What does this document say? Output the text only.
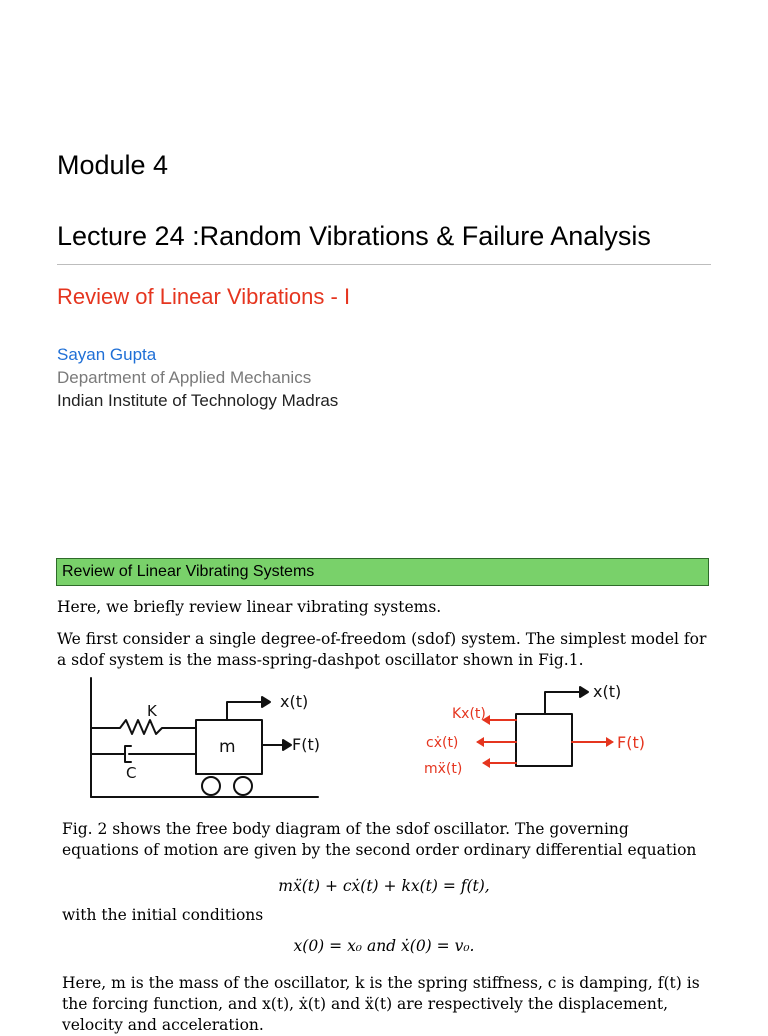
Module 4
Lecture 24 :Random Vibrations & Failure Analysis
Review of Linear Vibrations - I
Sayan Gupta
Department of Applied Mechanics
Indian Institute of Technology Madras
Review of Linear Vibrating Systems
Here, we briefly review linear vibrating systems.
We first consider a single degree-of-freedom (sdof) system. The simplest model for a sdof system is the mass-spring-dashpot oscillator shown in Fig.1.
K
C
m
x(t)
F(t)
x(t)
F(t)
Kx(t)
cẋ(t)
mẍ(t)
Fig. 2 shows the free body diagram of the sdof oscillator. The governing equations of motion are given by the second order ordinary differential equation
mẍ(t) + cẋ(t) + kx(t) = f(t),
with the initial conditions
x(0) = x₀ and ẋ(0) = v₀.
Here, m is the mass of the oscillator, k is the spring stiffness, c is damping, f(t) is the forcing function, and x(t), ẋ(t) and ẍ(t) are respectively the displacement, velocity and acceleration.
